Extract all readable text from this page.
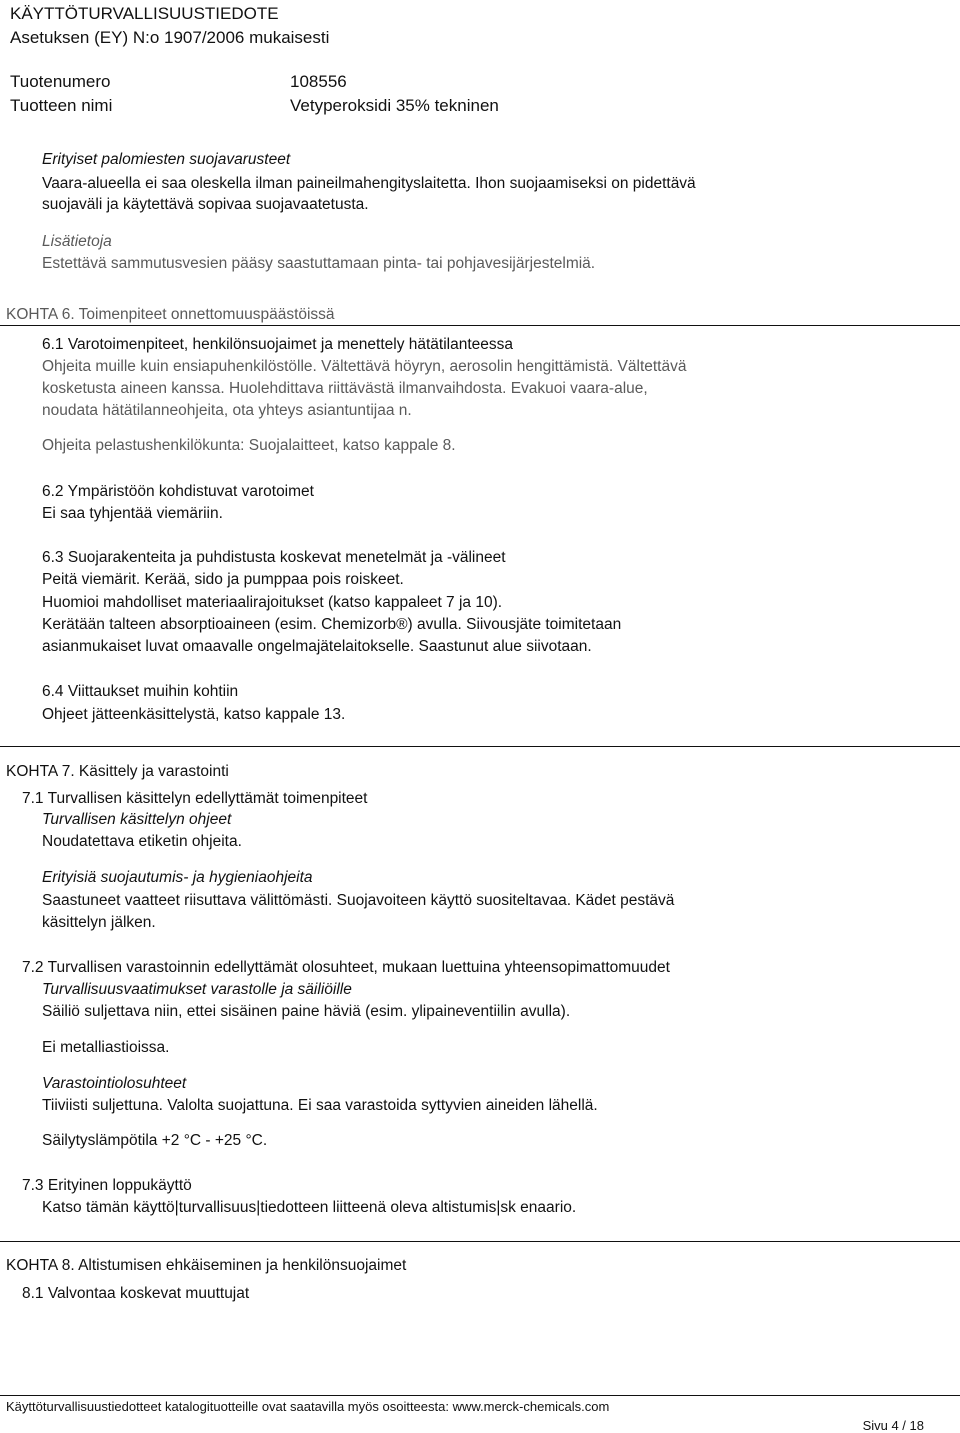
KÄYTTÖTURVALLISUUSTIEDOTE
Asetuksen (EY) N:o 1907/2006 mukaisesti
Tuotenumero	108556
Tuotteen nimi	Vetyperoksidi 35% tekninen
Erityiset palomiesten suojavarusteet
Vaara-alueella ei saa oleskella ilman paineilmahengityslaitetta. Ihon suojaamiseksi on pidettävä
suojaväli ja käytettävä sopivaa suojavaatetusta.
Lisätietoja
Estettävä sammutusvesien pääsy saastuttamaan pinta- tai pohjavesijärjestelmiä.
KOHTA 6. Toimenpiteet onnettomuuspäästöissä
6.1 Varotoimenpiteet, henkilönsuojaimet ja menettely hätätilanteessa
Ohjeita muille kuin ensiapuhenkilöstölle. Vältettävä höyryn, aerosolin hengittämistä. Vältettävä
kosketusta aineen kanssa. Huolehdittava riittävästä ilmanvaihdosta. Evakuoi vaara-alue,
noudata hätätilanneohjeita, ota yhteys asiantuntijaa n.
Ohjeita pelastushenkilökunta: Suojalaitteet, katso kappale 8.
6.2 Ympäristöön kohdistuvat varotoimet
Ei saa tyhjentää viemäriin.
6.3 Suojarakenteita ja puhdistusta koskevat menetelmät ja -välineet
Peitä viemärit. Kerää, sido ja pumppaa pois roiskeet.
Huomioi mahdolliset materiaalirajoitukset (katso kappaleet 7 ja 10).
Kerätään talteen absorptioaineen (esim. Chemizorb®) avulla. Siivousjäte toimitetaan
asianmukaiset luvat omaavalle ongelmajätelaitokselle. Saastunut alue siivotaan.
6.4 Viittaukset muihin kohtiin
Ohjeet jätteenkäsittelystä, katso kappale 13.
KOHTA 7. Käsittely ja varastointi
7.1 Turvallisen käsittelyn edellyttämät toimenpiteet
Turvallisen käsittelyn ohjeet
Noudatettava etiketin ohjeita.
Erityisiä suojautumis- ja hygieniaohjeita
Saastuneet vaatteet riisuttava välittömästi. Suojavoiteen käyttö suositeltavaa. Kädet pestävä
käsittelyn jälken.
7.2 Turvallisen varastoinnin edellyttämät olosuhteet, mukaan luettuina yhteensopimattomuudet
Turvallisuusvaatimukset varastolle ja säiliöille
Säiliö suljettava niin, ettei sisäinen paine häviä (esim. ylipaineventiilin avulla).
Ei metalliastioissa.
Varastointiolosuhteet
Tiiviisti suljettuna. Valolta suojattuna. Ei saa varastoida syttyvien aineiden lähellä.
Säilytyslämpötila +2 °C - +25 °C.
7.3 Erityinen loppukäyttö
Katso tämän käyttö|turvallisuus|tiedotteen liitteenä oleva altistumis|sk enaario.
KOHTA 8. Altistumisen ehkäiseminen ja henkilönsuojaimet
8.1 Valvontaa koskevat muuttujat
Käyttöturvallisuustiedotteet katalogituotteille ovat saatavilla myös osoitteesta: www.merck-chemicals.com
Sivu 4 / 18
